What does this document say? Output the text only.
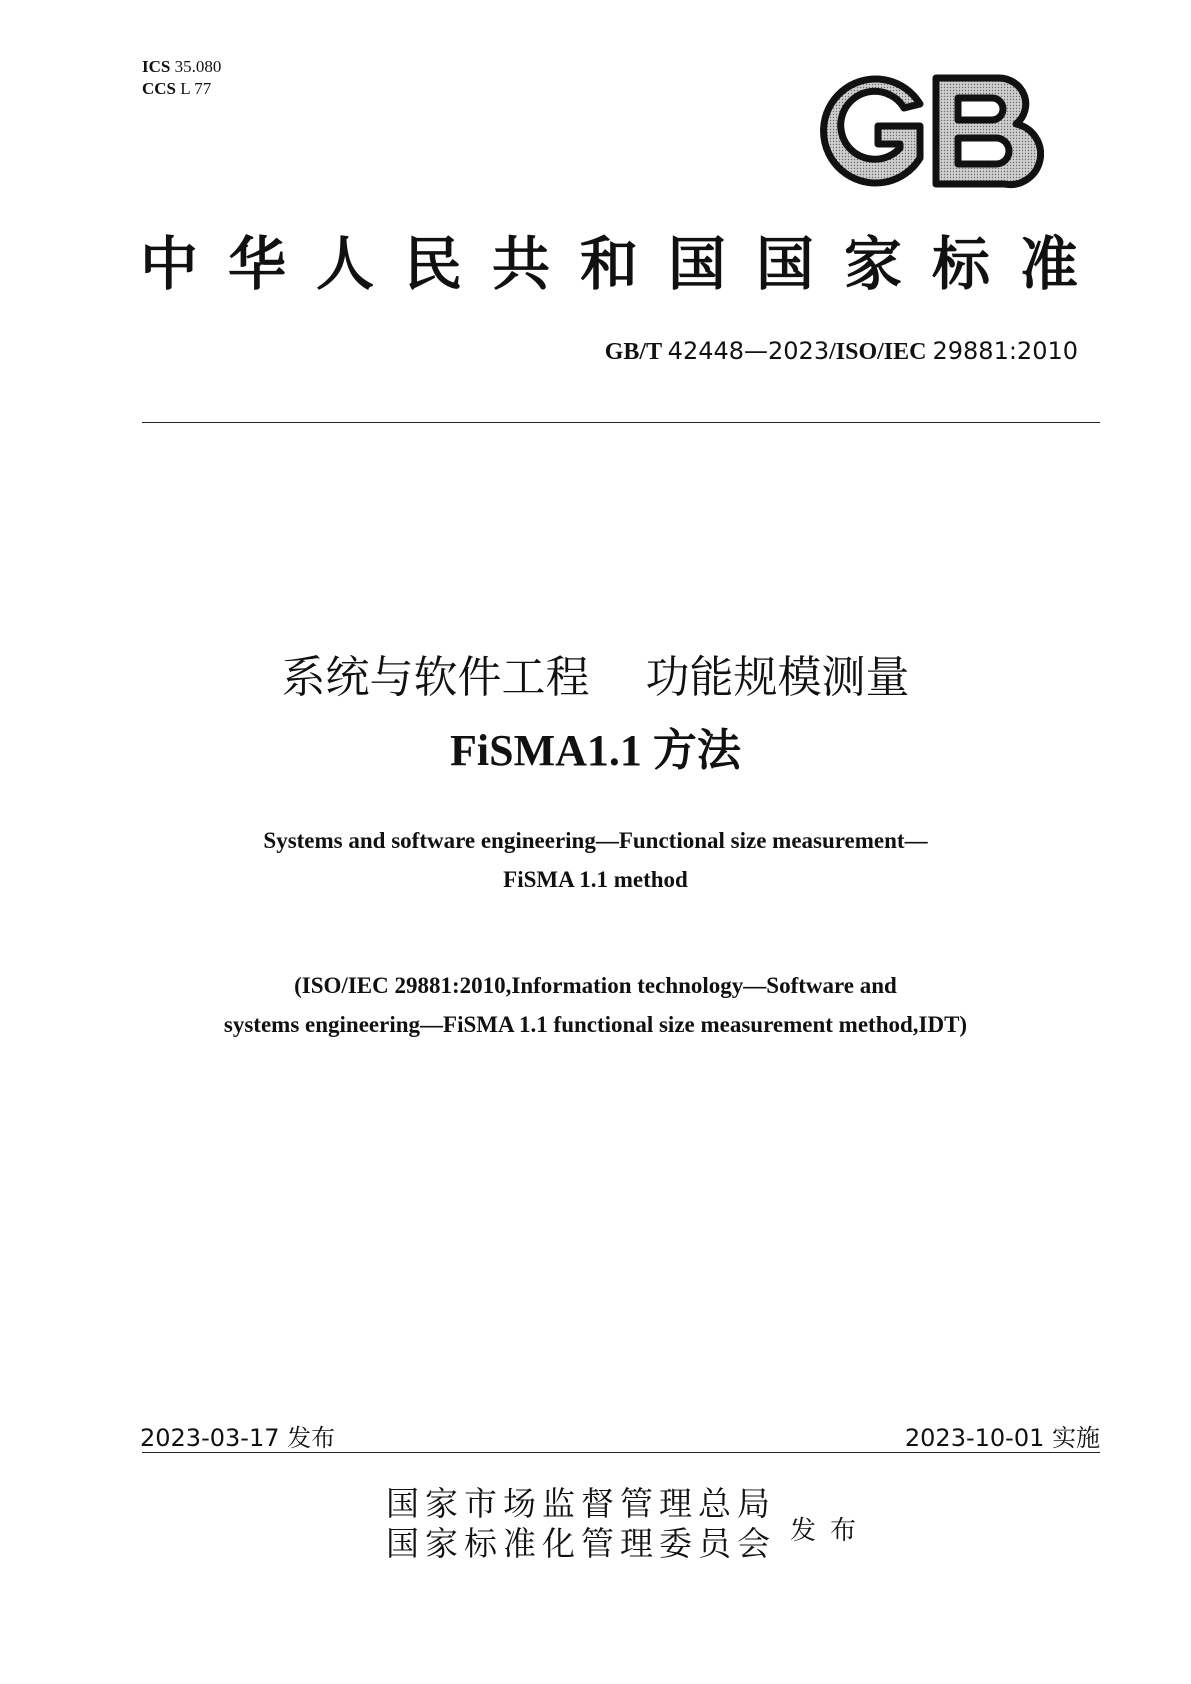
ICS 35.080
CCS L 77
GB
中华人民共和国国家标准
GB/T 42448—2023/ISO/IEC 29881:2010
系统与软件工程 功能规模测量
FiSMA1.1 方法
Systems and software engineering—Functional size measurement—
FiSMA 1.1 method
(ISO/IEC 29881:2010,Information technology—Software and
systems engineering—FiSMA 1.1 functional size measurement method,IDT)
2023-03-17 发布	2023-10-01 实施
国家市场监督管理总局
国家标准化管理委员会 发布
